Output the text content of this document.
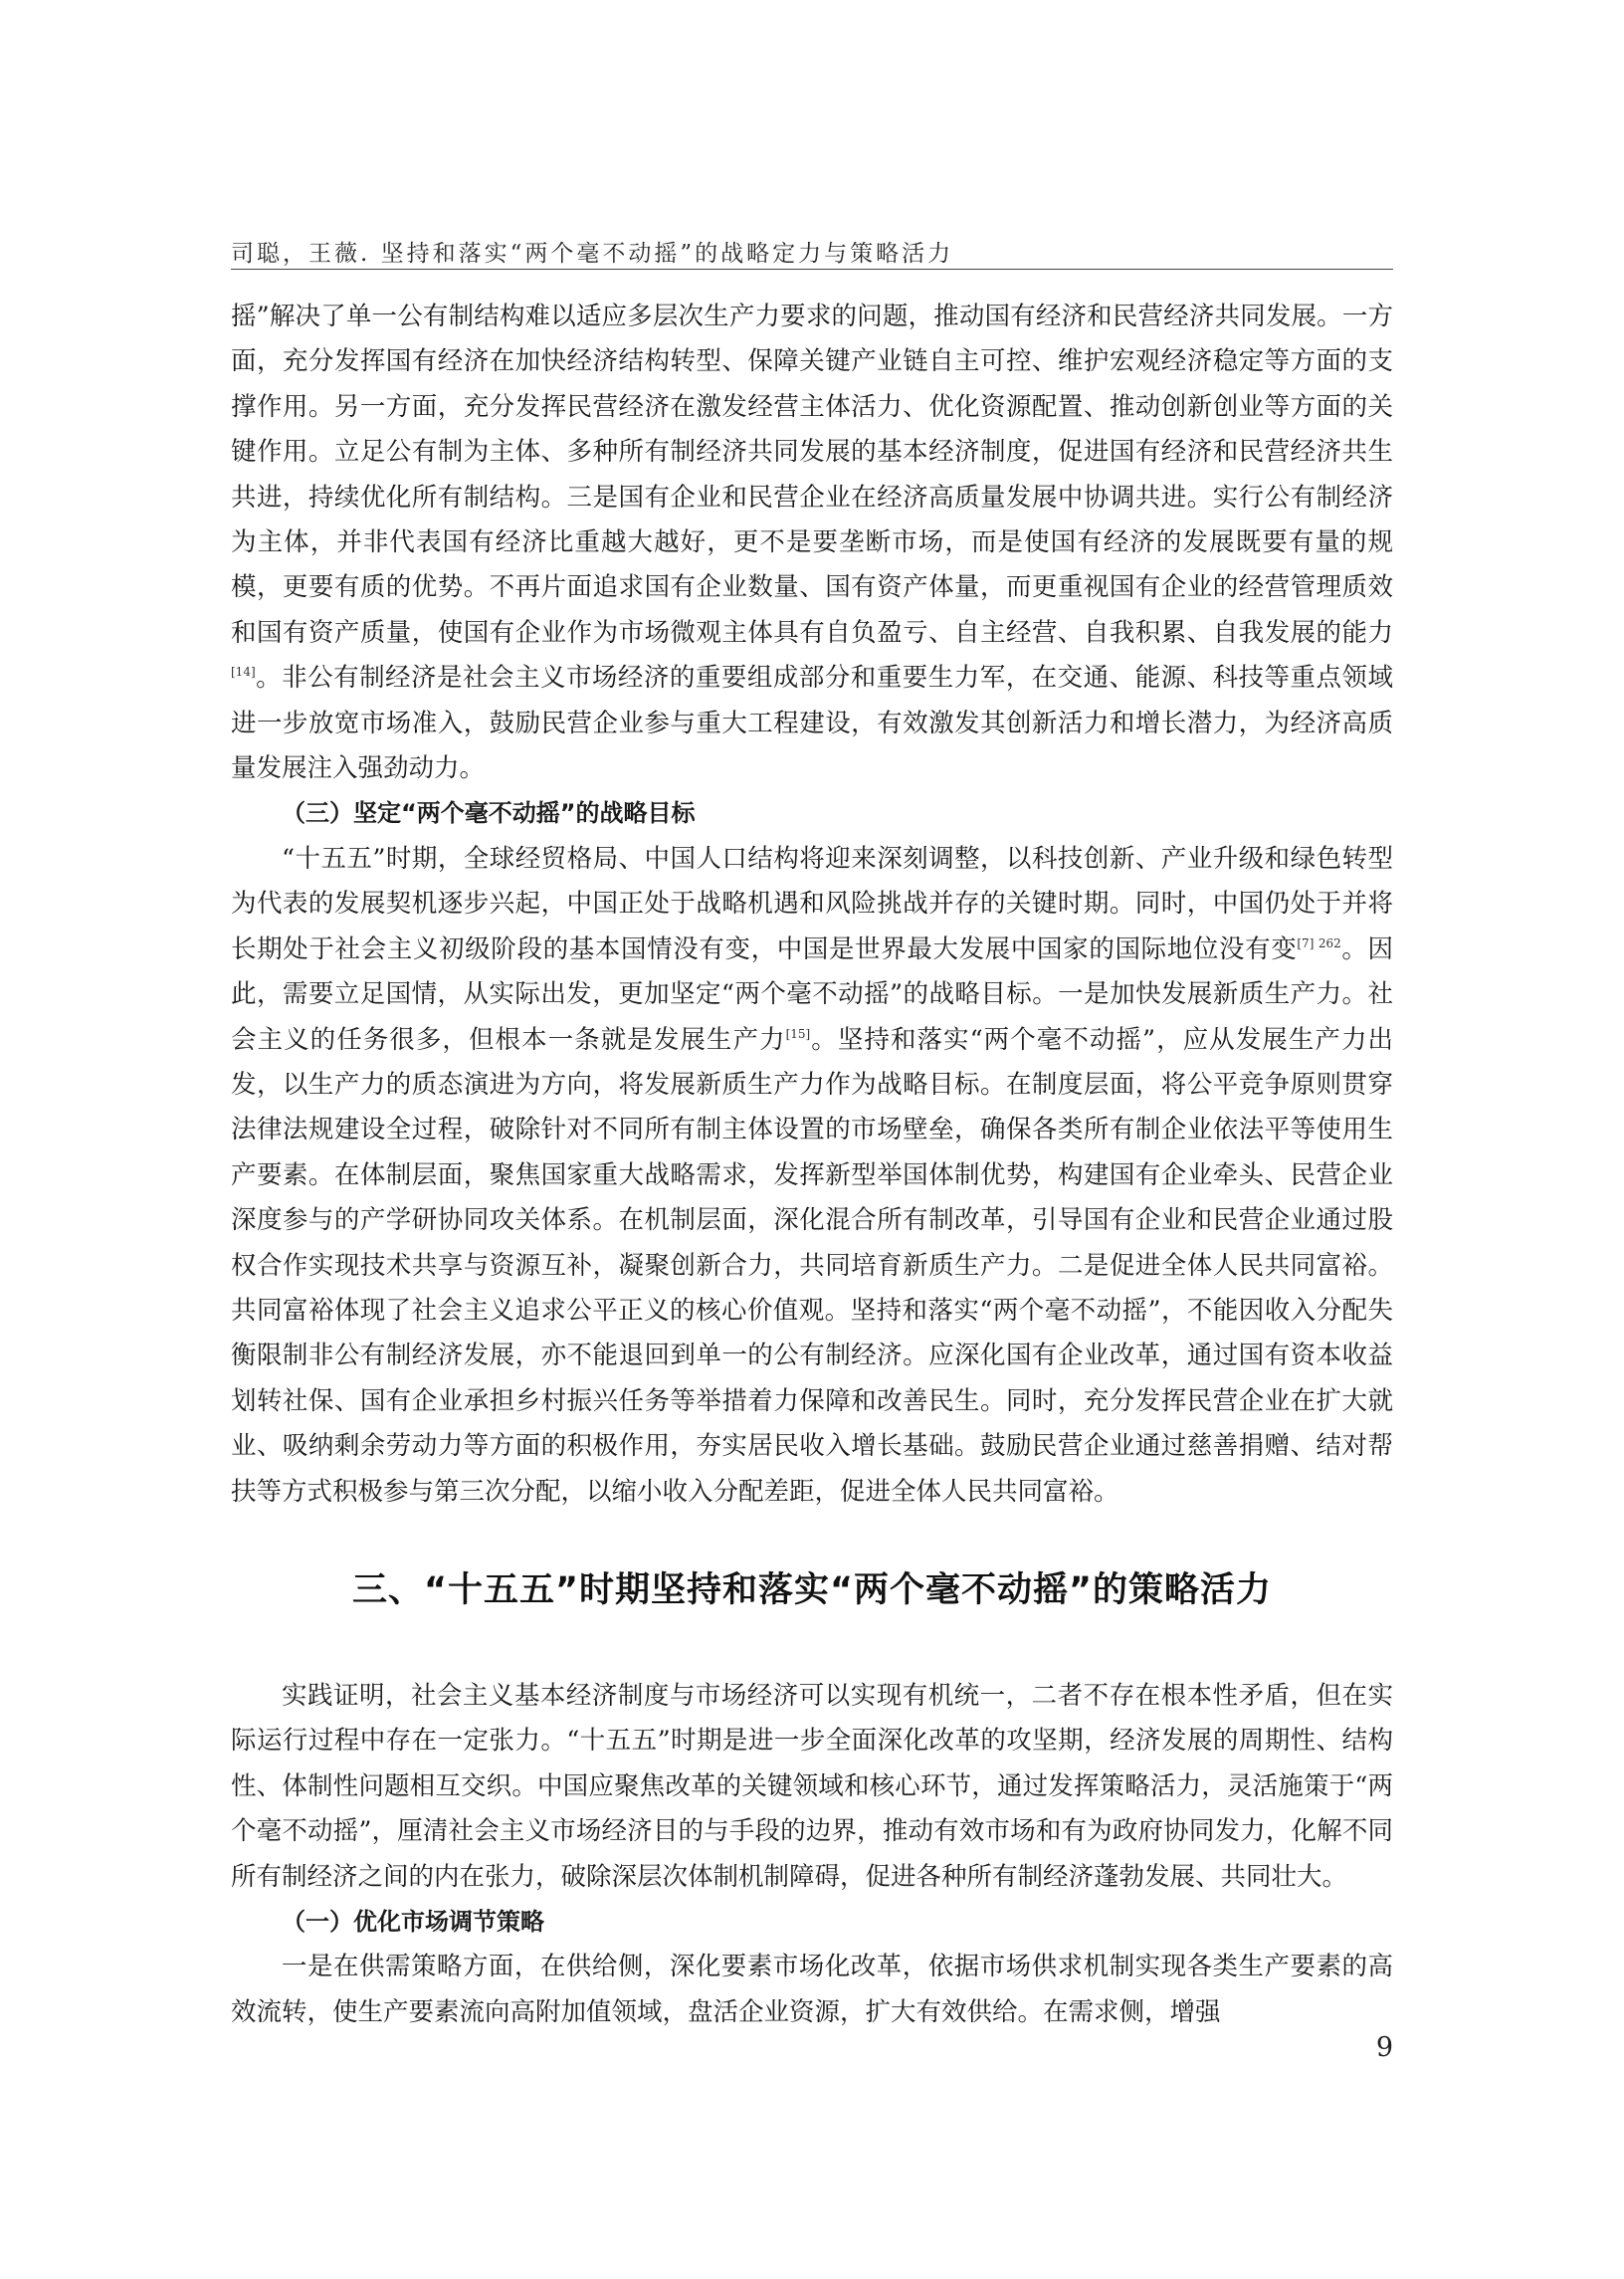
司聪，王薇. 坚持和落实“两个毫不动摇”的战略定力与策略活力

摇”解决了单一公有制结构难以适应多层次生产力要求的问题，推动国有经济和民营经济共同发展。一方面，充分发挥国有经济在加快经济结构转型、保障关键产业链自主可控、维护宏观经济稳定等方面的支撑作用。另一方面，充分发挥民营经济在激发经营主体活力、优化资源配置、推动创新创业等方面的关键作用。立足公有制为主体、多种所有制经济共同发展的基本经济制度，促进国有经济和民营经济共生共进，持续优化所有制结构。三是国有企业和民营企业在经济高质量发展中协调共进。实行公有制经济为主体，并非代表国有经济比重越大越好，更不是要垄断市场，而是使国有经济的发展既要有量的规模，更要有质的优势。不再片面追求国有企业数量、国有资产体量，而更重视国有企业的经营管理质效和国有资产质量，使国有企业作为市场微观主体具有自负盈亏、自主经营、自我积累、自我发展的能力[14]。非公有制经济是社会主义市场经济的重要组成部分和重要生力军，在交通、能源、科技等重点领域进一步放宽市场准入，鼓励民营企业参与重大工程建设，有效激发其创新活力和增长潜力，为经济高质量发展注入强劲动力。

（三）坚定“两个毫不动摇”的战略目标

“十五五”时期，全球经贸格局、中国人口结构将迎来深刻调整，以科技创新、产业升级和绿色转型为代表的发展契机逐步兴起，中国正处于战略机遇和风险挑战并存的关键时期。同时，中国仍处于并将长期处于社会主义初级阶段的基本国情没有变，中国是世界最大发展中国家的国际地位没有变$^{[7] 262}$。因此，需要立足国情，从实际出发，更加坚定“两个毫不动摇”的战略目标。一是加快发展新质生产力。社会主义的任务很多，但根本一条就是发展生产力[15]。坚持和落实“两个毫不动摇”，应从发展生产力出发，以生产力的质态演进为方向，将发展新质生产力作为战略目标。在制度层面，将公平竞争原则贯穿法律法规建设全过程，破除针对不同所有制主体设置的市场壁垒，确保各类所有制企业依法平等使用生产要素。在体制层面，聚焦国家重大战略需求，发挥新型举国体制优势，构建国有企业牵头、民营企业深度参与的产学研协同攻关体系。在机制层面，深化混合所有制改革，引导国有企业和民营企业通过股权合作实现技术共享与资源互补，凝聚创新合力，共同培育新质生产力。二是促进全体人民共同富裕。共同富裕体现了社会主义追求公平正义的核心价值观。坚持和落实“两个毫不动摇”，不能因收入分配失衡限制非公有制经济发展，亦不能退回到单一的公有制经济。应深化国有企业改革，通过国有资本收益划转社保、国有企业承担乡村振兴任务等举措着力保障和改善民生。同时，充分发挥民营企业在扩大就业、吸纳剩余劳动力等方面的积极作用，夯实居民收入增长基础。鼓励民营企业通过慈善捐赠、结对帮扶等方式积极参与第三次分配，以缩小收入分配差距，促进全体人民共同富裕。

三、“十五五”时期坚持和落实“两个毫不动摇”的策略活力

实践证明，社会主义基本经济制度与市场经济可以实现有机统一，二者不存在根本性矛盾，但在实际运行过程中存在一定张力。“十五五”时期是进一步全面深化改革的攻坚期，经济发展的周期性、结构性、体制性问题相互交织。中国应聚焦改革的关键领域和核心环节，通过发挥策略活力，灵活施策于“两个毫不动摇”，厘清社会主义市场经济目的与手段的边界，推动有效市场和有为政府协同发力，化解不同所有制经济之间的内在张力，破除深层次体制机制障碍，促进各种所有制经济蓬勃发展、共同壮大。

（一）优化市场调节策略

一是在供需策略方面，在供给侧，深化要素市场化改革，依据市场供求机制实现各类生产要素的高效流转，使生产要素流向高附加值领域，盘活企业资源，扩大有效供给。在需求侧，增强

9
